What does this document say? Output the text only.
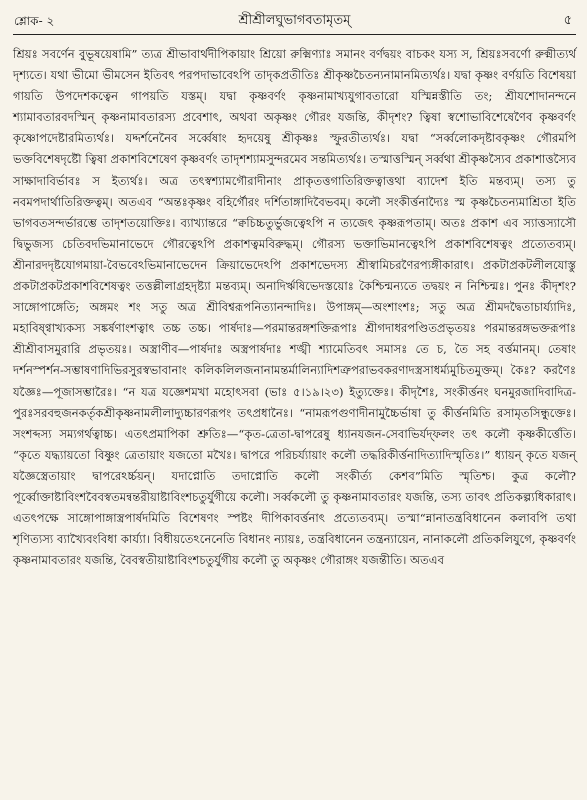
শ্লোক- ২	শ্রীশ্রীলঘুভাগবতামৃতম্	৫

শ্রিয়ঃ সবর্ণেন বুভূষয়েষামি” ত্যত্র শ্রীভাবার্থদীপিকায়াং শ্রিয়ো রুক্মিণ্যাঃ সমানং বর্ণদ্বয়ং বাচকং যস্য স, শ্রিয়ঃসবর্ণো রুক্মীত্যর্থ দৃশ্যতে। যথা ভীমো ভীমসেন ইতিবৎ পরপদাভাবেঽপি তাদৃকপ্রতীতিঃ শ্রীকৃষ্ণচৈতন্যনামানমিত্যর্থঃ। যদ্বা কৃষ্ণং বর্ণয়তি বিশেষয়া গায়তি উপদেশকত্বেন গাপয়তি যস্তম্। যদ্বা কৃষ্ণবর্ণং কৃষ্ণনামাখ্যযুগাবতারো যস্মিন্নস্তীতি তং; শ্রীযশোদানন্দনে শ্যামাবতারবদস্মিন্ কৃষ্ণনামাবতারস্য প্রবেশাৎ, অথবা অকৃষ্ণং গৌরং যজন্তি, কীদৃশং? ত্বিষা স্বশোভাবিশেষেণৈব কৃষ্ণবর্ণং কৃষ্ণোপদেষ্টারমিত্যর্থঃ। যদ্দর্শনেনৈব সর্ব্বেষাং হৃদয়েষু শ্রীকৃষ্ণঃ স্ফুরতীত্যর্থঃ। যদ্বা “সর্ব্বলোকদৃষ্টাবকৃষ্ণং গৌরমপি ভক্তবিশেষদৃষ্টৌ ত্বিষা প্রকাশবিশেষেণ কৃষ্ণবর্ণং তাদৃশশ্যামসুন্দরমেব সন্তমিত্যর্থঃ। তস্মাত্তস্মিন্ সর্ব্বথা শ্রীকৃষ্ণস্যৈব প্রকাশাত্তস্যৈব সাক্ষাদাবির্ভাবঃ স ইত্যর্থঃ। অত্র তৎস্বশ্যামগৌরাদীনাং প্রাকৃতত্তগাতিরিক্তত্বাত্তথা ব্যাদেশ ইতি মন্তব্যম্। তস্য তু নবমপদার্থাতিরিক্তত্বম্। অতএব “অন্তঃকৃষ্ণং বহির্গৌরং দর্শিতাঙ্গাদিবৈভবম্। কলৌ সংকীর্ত্তনাদ্যৈঃ স্ম কৃষ্ণচৈতন্যমাশ্রিতা ইতি ভাগবতসন্দর্ভারম্ভে তাদৃশতয়োক্তিঃ। ব্যাখ্যান্তরে “ক্বচিচ্চতুর্ভুজত্বেঽপি ন ত্যজেৎ কৃষ্ণরূপতাম্। অতঃ প্রকাশ এব স্যাত্তস্যাসৌ দ্বিভুজস্য চেতিবদভিমানাভেদে গৌরত্বেঽপি প্রকাশত্বমবিরুদ্ধম্। গৌরস্য ভক্তাভিমানত্বেঽপি প্রকাশবিশেষত্বং প্রত্যেতব্যম্। শ্রীনারদদৃষ্টযোগমায়া-বৈভবেঽভিমানাভেদেন ক্রিয়াভেদেঽপি প্রকাশভেদস্য শ্রীস্বামিচরণৈরপ্যঙ্গীকারাৎ। প্রকটাপ্রকটলীলযোস্তু প্রকটাপ্রকটপ্রকাশবিশেষত্বং তত্তল্লীলাগ্রহদৃষ্ট্যা মন্তব্যম্। অনাদির্ঋষিভেদস্তয়োঃ কৈশ্চিন্মন্যতে তদ্বয়ং ন নিশ্চিন্মঃ। পুনঃ কীদৃশং? সাঙ্গোপাঙ্গেতি; অঙ্গমং শং সতু অত্র শ্রীবিশ্বরূপনিত্যানন্দাদিঃ। উপাঙ্গম্—অংশাংশঃ; সতু অত্র শ্রীমদদ্বৈতাচার্য্যাদিঃ, মহাবিষ্ণ্বাখ্যকস্য সঙ্কর্ষণাংশত্বাৎ তচ্চ তচ্চ। পার্ষদাঃ—পরমান্তরঙ্গশক্তিরূপাঃ শ্রীগদাধরপণ্ডিতপ্রভৃতয়ঃ পরমান্তরঙ্গভক্তরূপাঃ শ্রীশ্রীবাসমুরারি প্রভৃতয়ঃ। অস্ত্রাণীব—পার্ষদাঃ অস্ত্রপার্ষদাঃ শঙ্খী শ্যামেতিবৎ সমাসঃ তে চ, তৈ সহ বর্ত্তমানম্। তেষাং দর্শনস্পর্শন-সম্ভাষণাদিভিরসুরস্বভাবানাং কলিকলিলজনানামন্তর্মালিন্যাদিশত্রুপরাভবকরণাদস্ত্রসাধর্ম্যমুচিতমুক্তম্। কৈঃ? করণৈঃ যজ্ঞৈঃ—পূজাসম্ভারৈঃ। “ন যত্র যজ্ঞেশমখা মহোৎসবা (ভাঃ ৫।১৯।২৩) ইত্যুক্তেঃ। কীদৃশৈঃ, সংকীর্ত্তনং ঘনমুরজাদিবাদিত্র-পুরঃসরবহুজনকর্তৃকশ্রীকৃষ্ণনামলীলাদ্যুচ্চারণরূপং তৎপ্রধানৈঃ। “নামরূপগুণাদীনামুচ্চৈর্ভাষা তু কীর্ত্তনমিতি রসামৃতসিন্ধুক্তেঃ। সংশব্দস্য সম্যগর্থত্বাচ্চ। এতৎপ্রমাপিকা শ্রুতিঃ—“কৃত-ত্রেতা-দ্বাপরেষু ধ্যানযজন-সেবাভির্যদ্ফলং তৎ কলৌ কৃষ্ণকীর্ত্তেতি। “কৃতে যদ্ধ্যায়তো বিষ্ণুং ত্রেতায়াং যজতো মখৈঃ। দ্বাপরে পরিচর্য্যায়াং কলৌ তদ্ধরিকীর্ত্তনাদিত্যাদিস্মৃতিঃ।” ধ্যায়ন্ কৃতে যজন্ যজ্ঞৈস্ত্রেতায়াং দ্বাপরেঽর্চ্চয়ন্। যদাপ্নোতি তদাপ্নোতি কলৌ সংকীর্ত্য কেশব”মিতি স্মৃতিশ্চ। কুত্র কলৌ? পূর্ব্বোক্তাষ্টাবিংশবৈবস্বতমন্বন্তরীয়াষ্টাবিংশচতুর্যুগীয়ে কলৌ। সর্ব্বকলৌ তু কৃষ্ণনামাবতারং যজন্তি, তস্য তাবৎ প্রতিকল্প্যধিকারাৎ। এতৎপক্ষে সাঙ্গোপাঙ্গাস্ত্রপার্ষদমিতি বিশেষণং স্পষ্টং দীপিকাবর্ত্তনাৎ প্রত্যেতব্যম্। তস্মা“ন্নানাতন্ত্রবিধানেন কলাবপি তথা শৃণিত্যস্য ব্যাখ্যৈবংবিধা কার্য্যা। বিধীয়তেঽনেনেতি বিধানং ন্যায়ঃ, তন্ত্রবিধানেন তন্ত্রন্যায়েন, নানাকলৌ প্রতিকলিযুগে, কৃষ্ণবর্ণং কৃষ্ণনামাবতারং যজন্তি, বৈবস্বতীয়াষ্টাবিংশচতুর্যুগীয় কলৌ তু অকৃষ্ণং গৌরাঙ্গং যজন্তীতি। অতএব
